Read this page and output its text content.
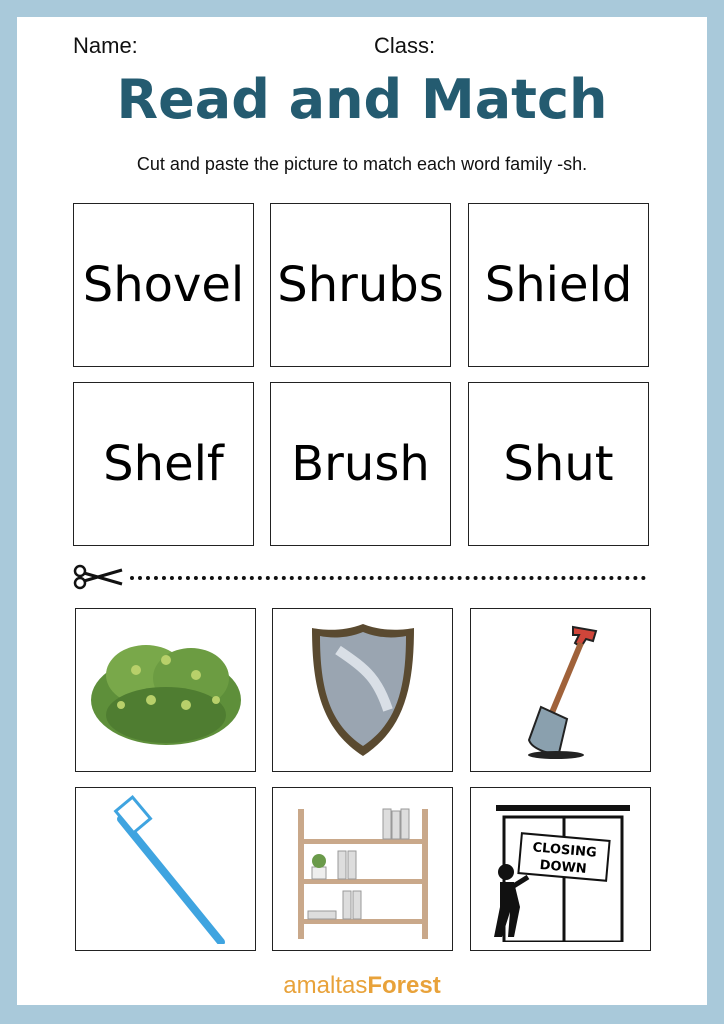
Name:	Class:
Read and Match
Cut and paste the picture to match each word family -sh.
Shovel Shrubs Shield
Shelf Brush Shut
CLOSING
DOWN
amaltasForest
